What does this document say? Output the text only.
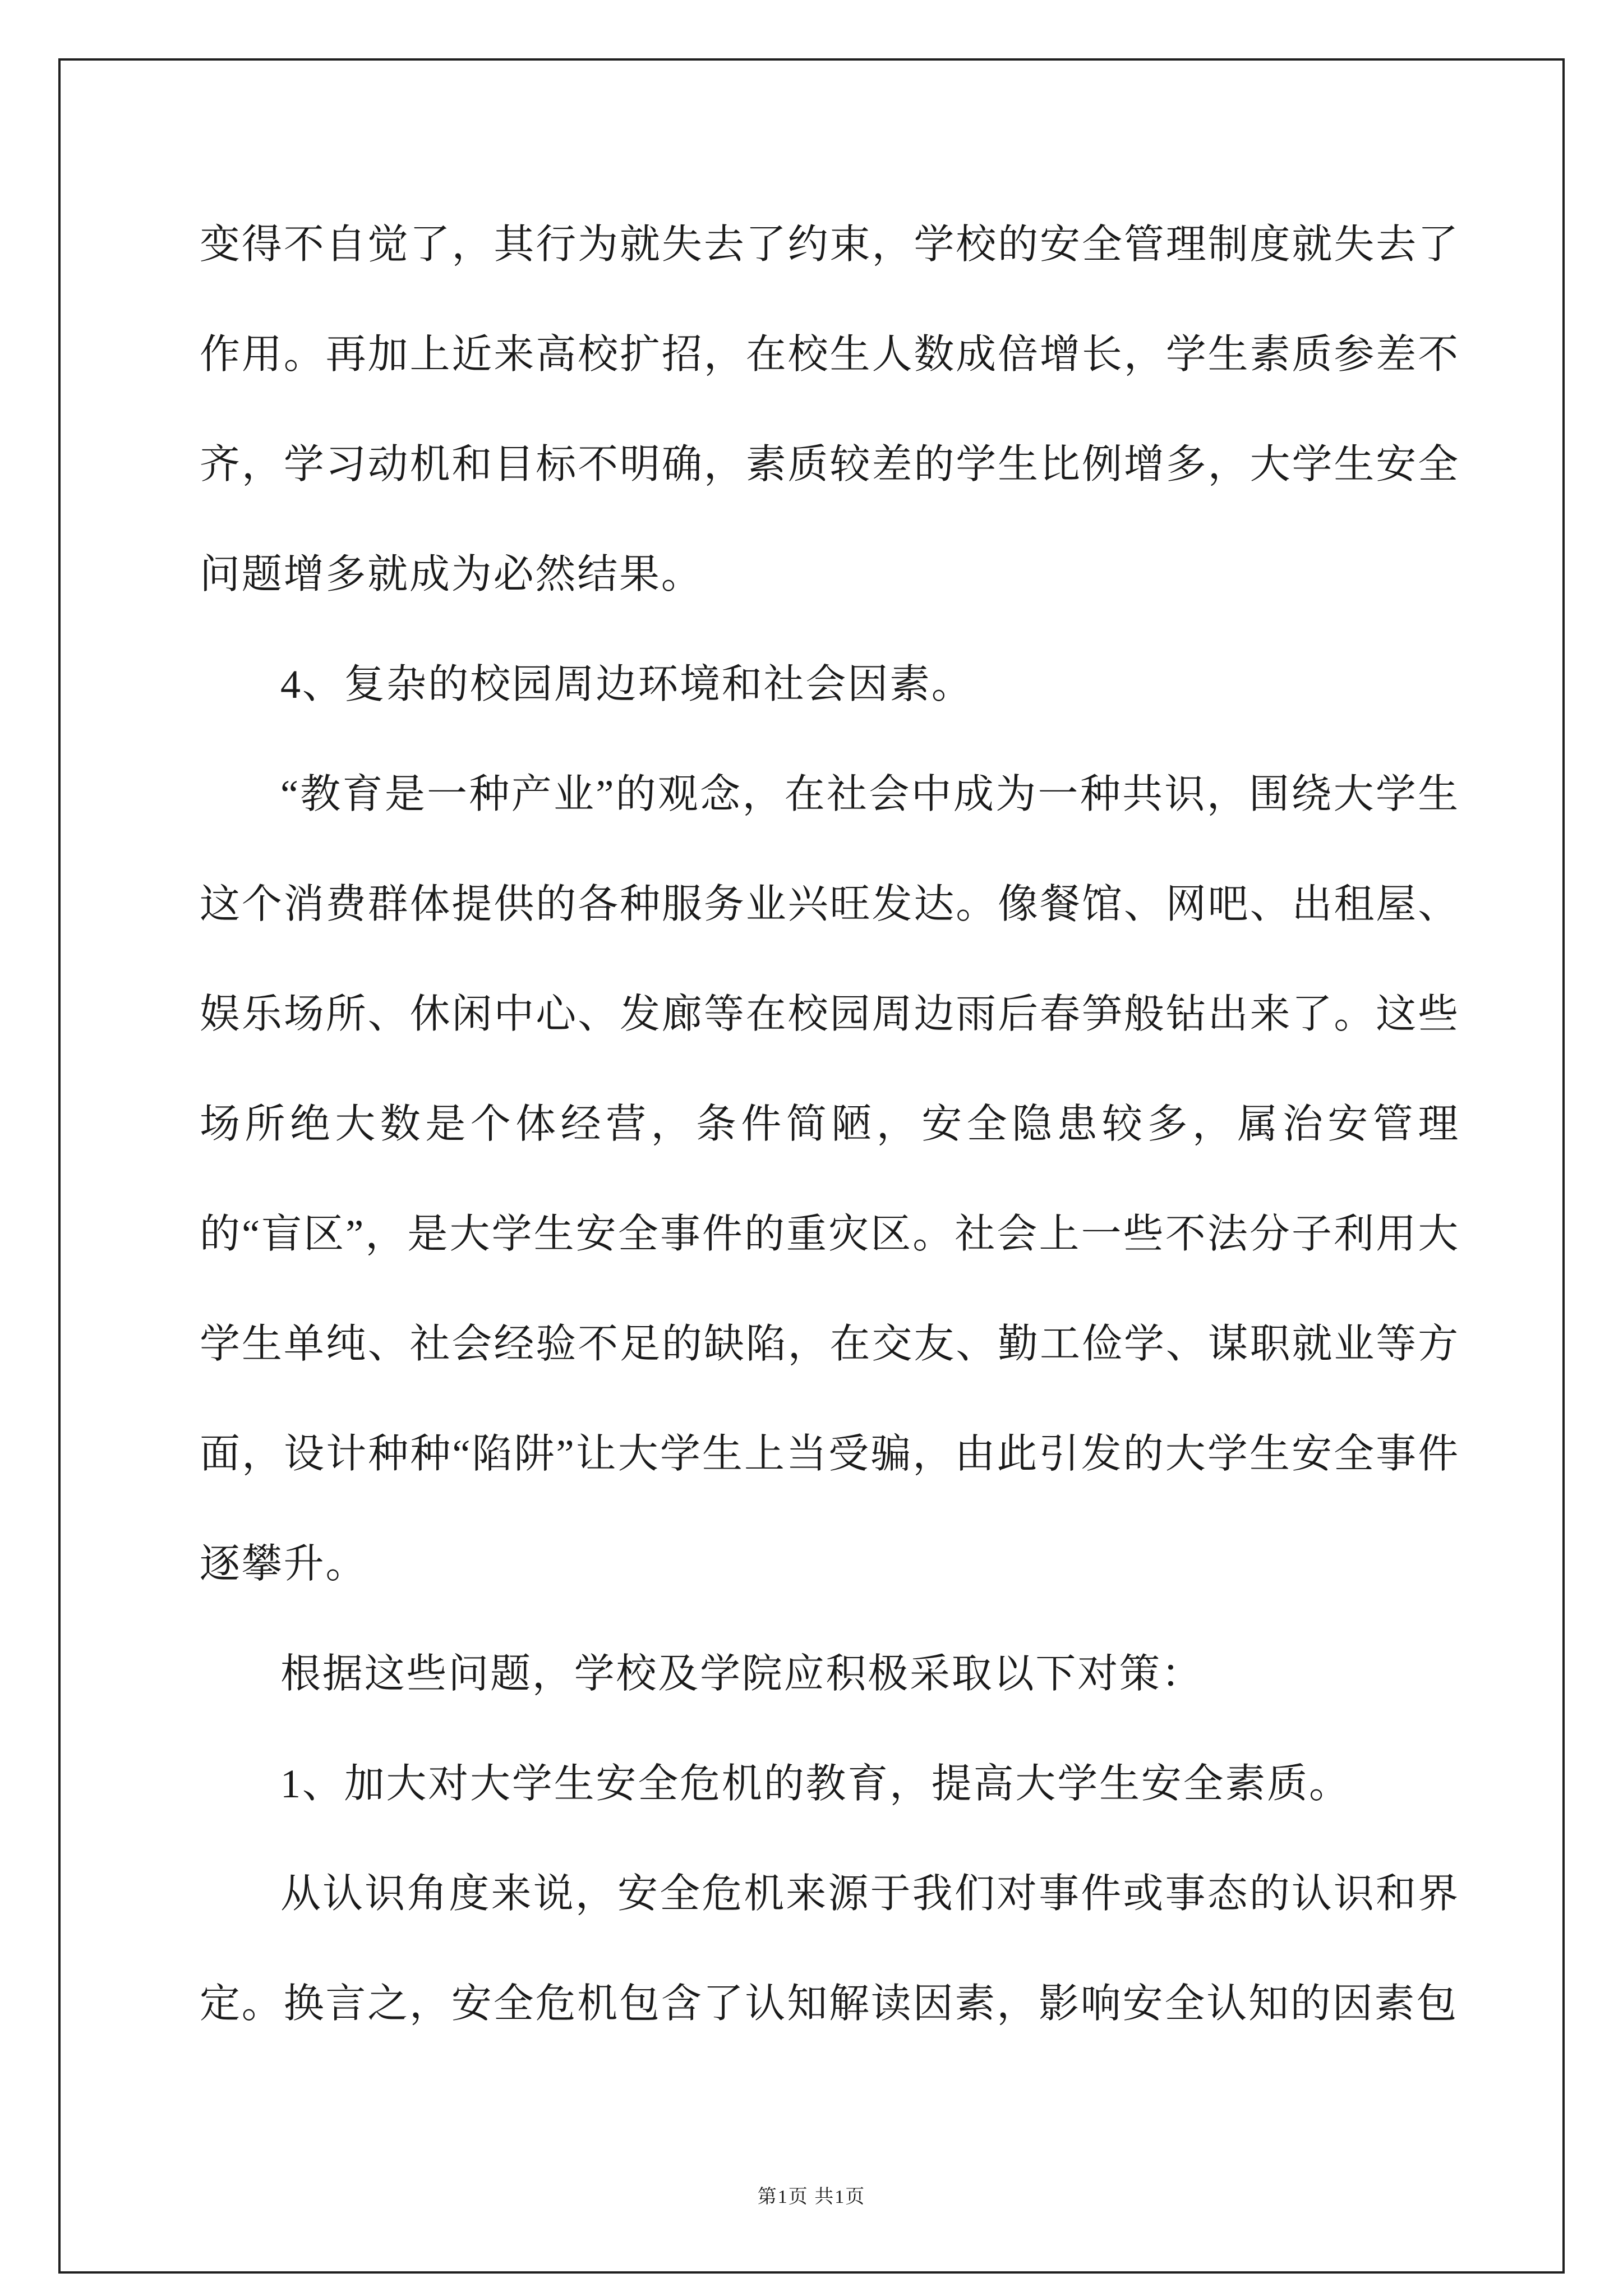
变得不自觉了，其行为就失去了约束，学校的安全管理制度就失去了作用。再加上近来高校扩招，在校生人数成倍增长，学生素质参差不齐，学习动机和目标不明确，素质较差的学生比例增多，大学生安全问题增多就成为必然结果。

4、复杂的校园周边环境和社会因素。

“教育是一种产业”的观念，在社会中成为一种共识，围绕大学生这个消费群体提供的各种服务业兴旺发达。像餐馆、网吧、出租屋、娱乐场所、休闲中心、发廊等在校园周边雨后春笋般钻出来了。这些场所绝大数是个体经营，条件简陋，安全隐患较多，属治安管理的“盲区”，是大学生安全事件的重灾区。社会上一些不法分子利用大学生单纯、社会经验不足的缺陷，在交友、勤工俭学、谋职就业等方面，设计种种“陷阱”让大学生上当受骗，由此引发的大学生安全事件逐攀升。

根据这些问题，学校及学院应积极采取以下对策：

1、加大对大学生安全危机的教育，提高大学生安全素质。

从认识角度来说，安全危机来源于我们对事件或事态的认识和界定。换言之，安全危机包含了认知解读因素，影响安全认知的因素包

第1页 共1页
